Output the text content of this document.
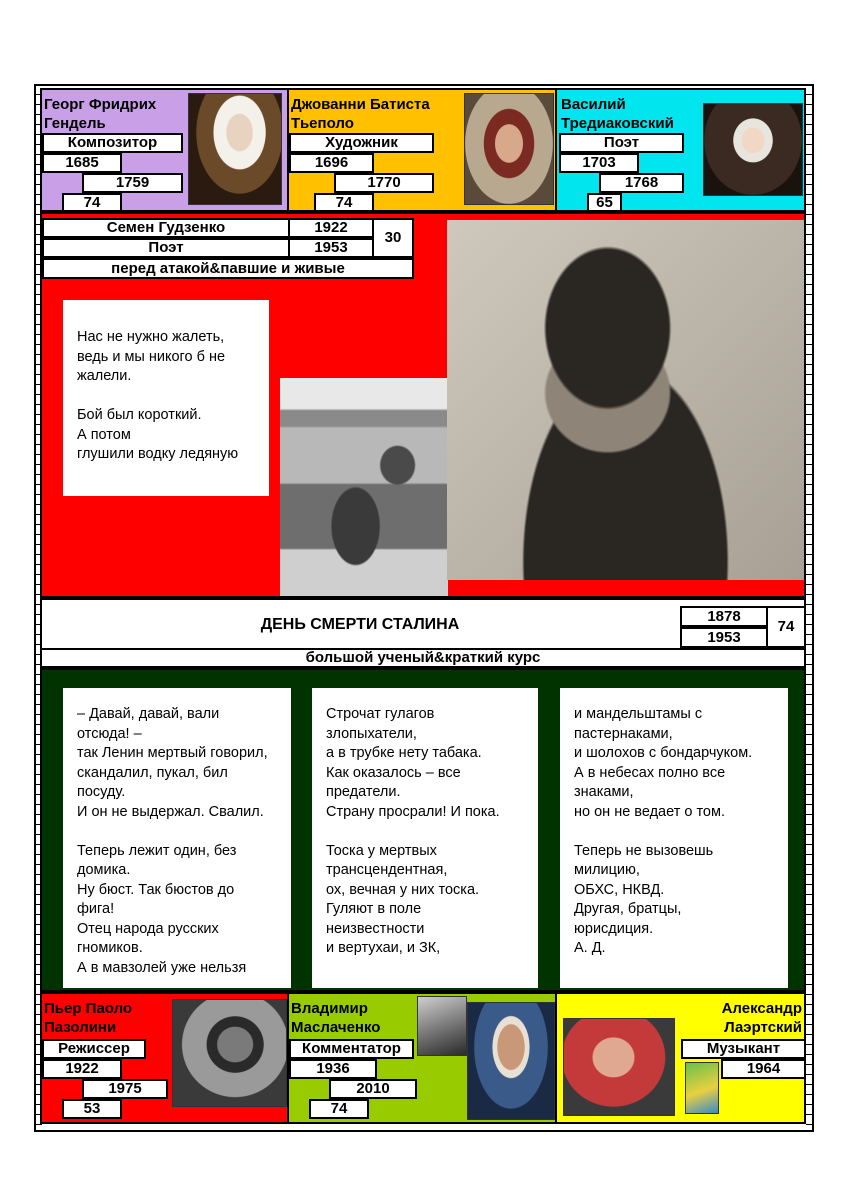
Георг Фридрих
Гендель
Композитор
1685
1759
74
Джованни Батиста
Тьеполо
Художник
1696
1770
74
Василий
Тредиаковский
Поэт
1703
1768
65
Семен Гудзенко	1922
Поэт	1953
30
перед атакой&павшие и живые
Нас не нужно жалеть,
ведь и мы никого б не
жалели.

Бой был короткий.
А потом
глушили водку ледяную
ДЕНЬ СМЕРТИ СТАЛИНА	1878
1953
74
большой ученый&краткий курс
– Давай, давай, вали
отсюда! –
так Ленин мертвый говорил,
скандалил, пукал, бил
посуду.
И он не выдержал. Свалил.

Теперь лежит один, без
домика.
Ну бюст. Так бюстов до
фига!
Отец народа русских
гномиков.
А в мавзолей уже нельзя
Строчат гулагов
злопыхатели,
а в трубке нету табака.
Как оказалось – все
предатели.
Страну просрали! И пока.

Тоска у мертвых
трансцендентная,
ох, вечная у них тоска.
Гуляют в поле
неизвестности
и вертухаи, и ЗК,
и мандельштамы с
пастернаками,
и шолохов с бондарчуком.
А в небесах полно все
знаками,
но он не ведает о том.

Теперь не вызовешь
милицию,
ОБХС, НКВД.
Другая, братцы,
юрисдиция.
А. Д.
Пьер Паоло
Пазолини
Режиссер
1922
1975
53
Владимир
Маслаченко
Комментатор
1936
2010
74
Александр
Лаэртский
Музыкант
1964
